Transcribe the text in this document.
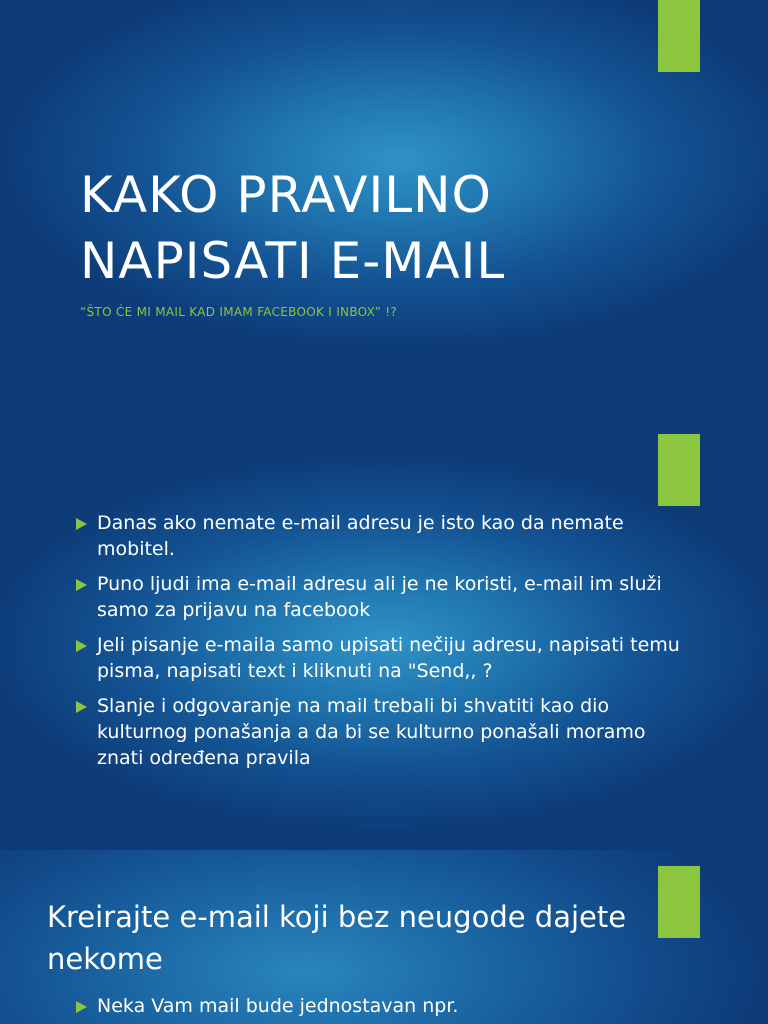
KAKO PRAVILNO
NAPISATI E-MAIL

“ŠTO ĆE MI MAIL KAD IMAM FACEBOOK I INBOX” !?

Danas ako nemate e-mail adresu je isto kao da nemate mobitel.
Puno ljudi ima e-mail adresu ali je ne koristi, e-mail im služi samo za prijavu na facebook
Jeli pisanje e-maila samo upisati nečiju adresu, napisati temu pisma, napisati text i kliknuti na "Send,, ?
Slanje i odgovaranje na mail trebali bi shvatiti kao dio kulturnog ponašanja a da bi se kulturno ponašali moramo znati određena pravila
Kreirajte e-mail koji bez neugode dajete nekome
Neka Vam mail bude jednostavan npr.
